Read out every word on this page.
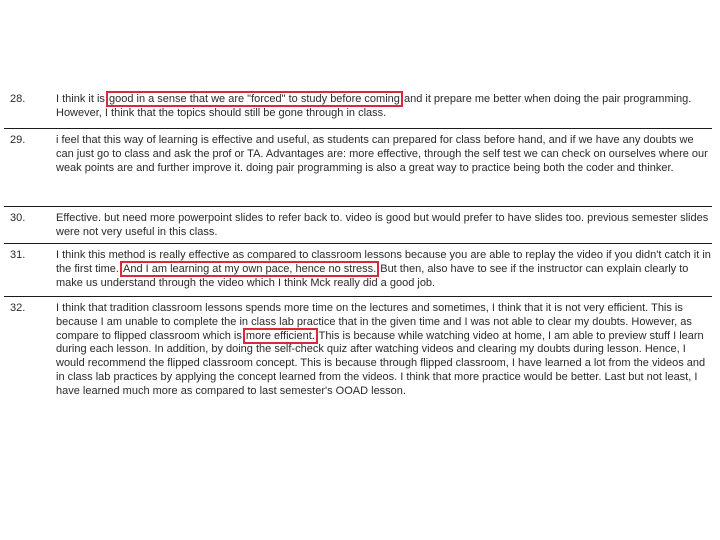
28.	I think it is good in a sense that we are "forced" to study before coming and it prepare me better when doing the pair programming. However, I think that the topics should still be gone through in class.
29.	i feel that this way of learning is effective and useful, as students can prepared for class before hand, and if we have any doubts we can just go to class and ask the prof or TA. Advantages are: more effective, through the self test we can check on ourselves where our weak points are and further improve it. doing pair programming is also a great way to practice being both the coder and thinker.
30.	Effective. but need more powerpoint slides to refer back to. video is good but would prefer to have slides too. previous semester slides were not very useful in this class.
31.	I think this method is really effective as compared to classroom lessons because you are able to replay the video if you didn't catch it in the first time. And I am learning at my own pace, hence no stress. But then, also have to see if the instructor can explain clearly to make us understand through the video which I think Mck really did a good job.
32.	I think that tradition classroom lessons spends more time on the lectures and sometimes, I think that it is not very efficient. This is because I am unable to complete the in class lab practice that in the given time and I was not able to clear my doubts. However, as compare to flipped classroom which is more efficient. This is because while watching video at home, I am able to preview stuff I learn during each lesson. In addition, by doing the self-check quiz after watching videos and clearing my doubts during lesson. Hence, I would recommend the flipped classroom concept. This is because through flipped classroom, I have learned a lot from the videos and in class lab practices by applying the concept learned from the videos. I think that more practice would be better. Last but not least, I have learned much more as compared to last semester's OOAD lesson.
